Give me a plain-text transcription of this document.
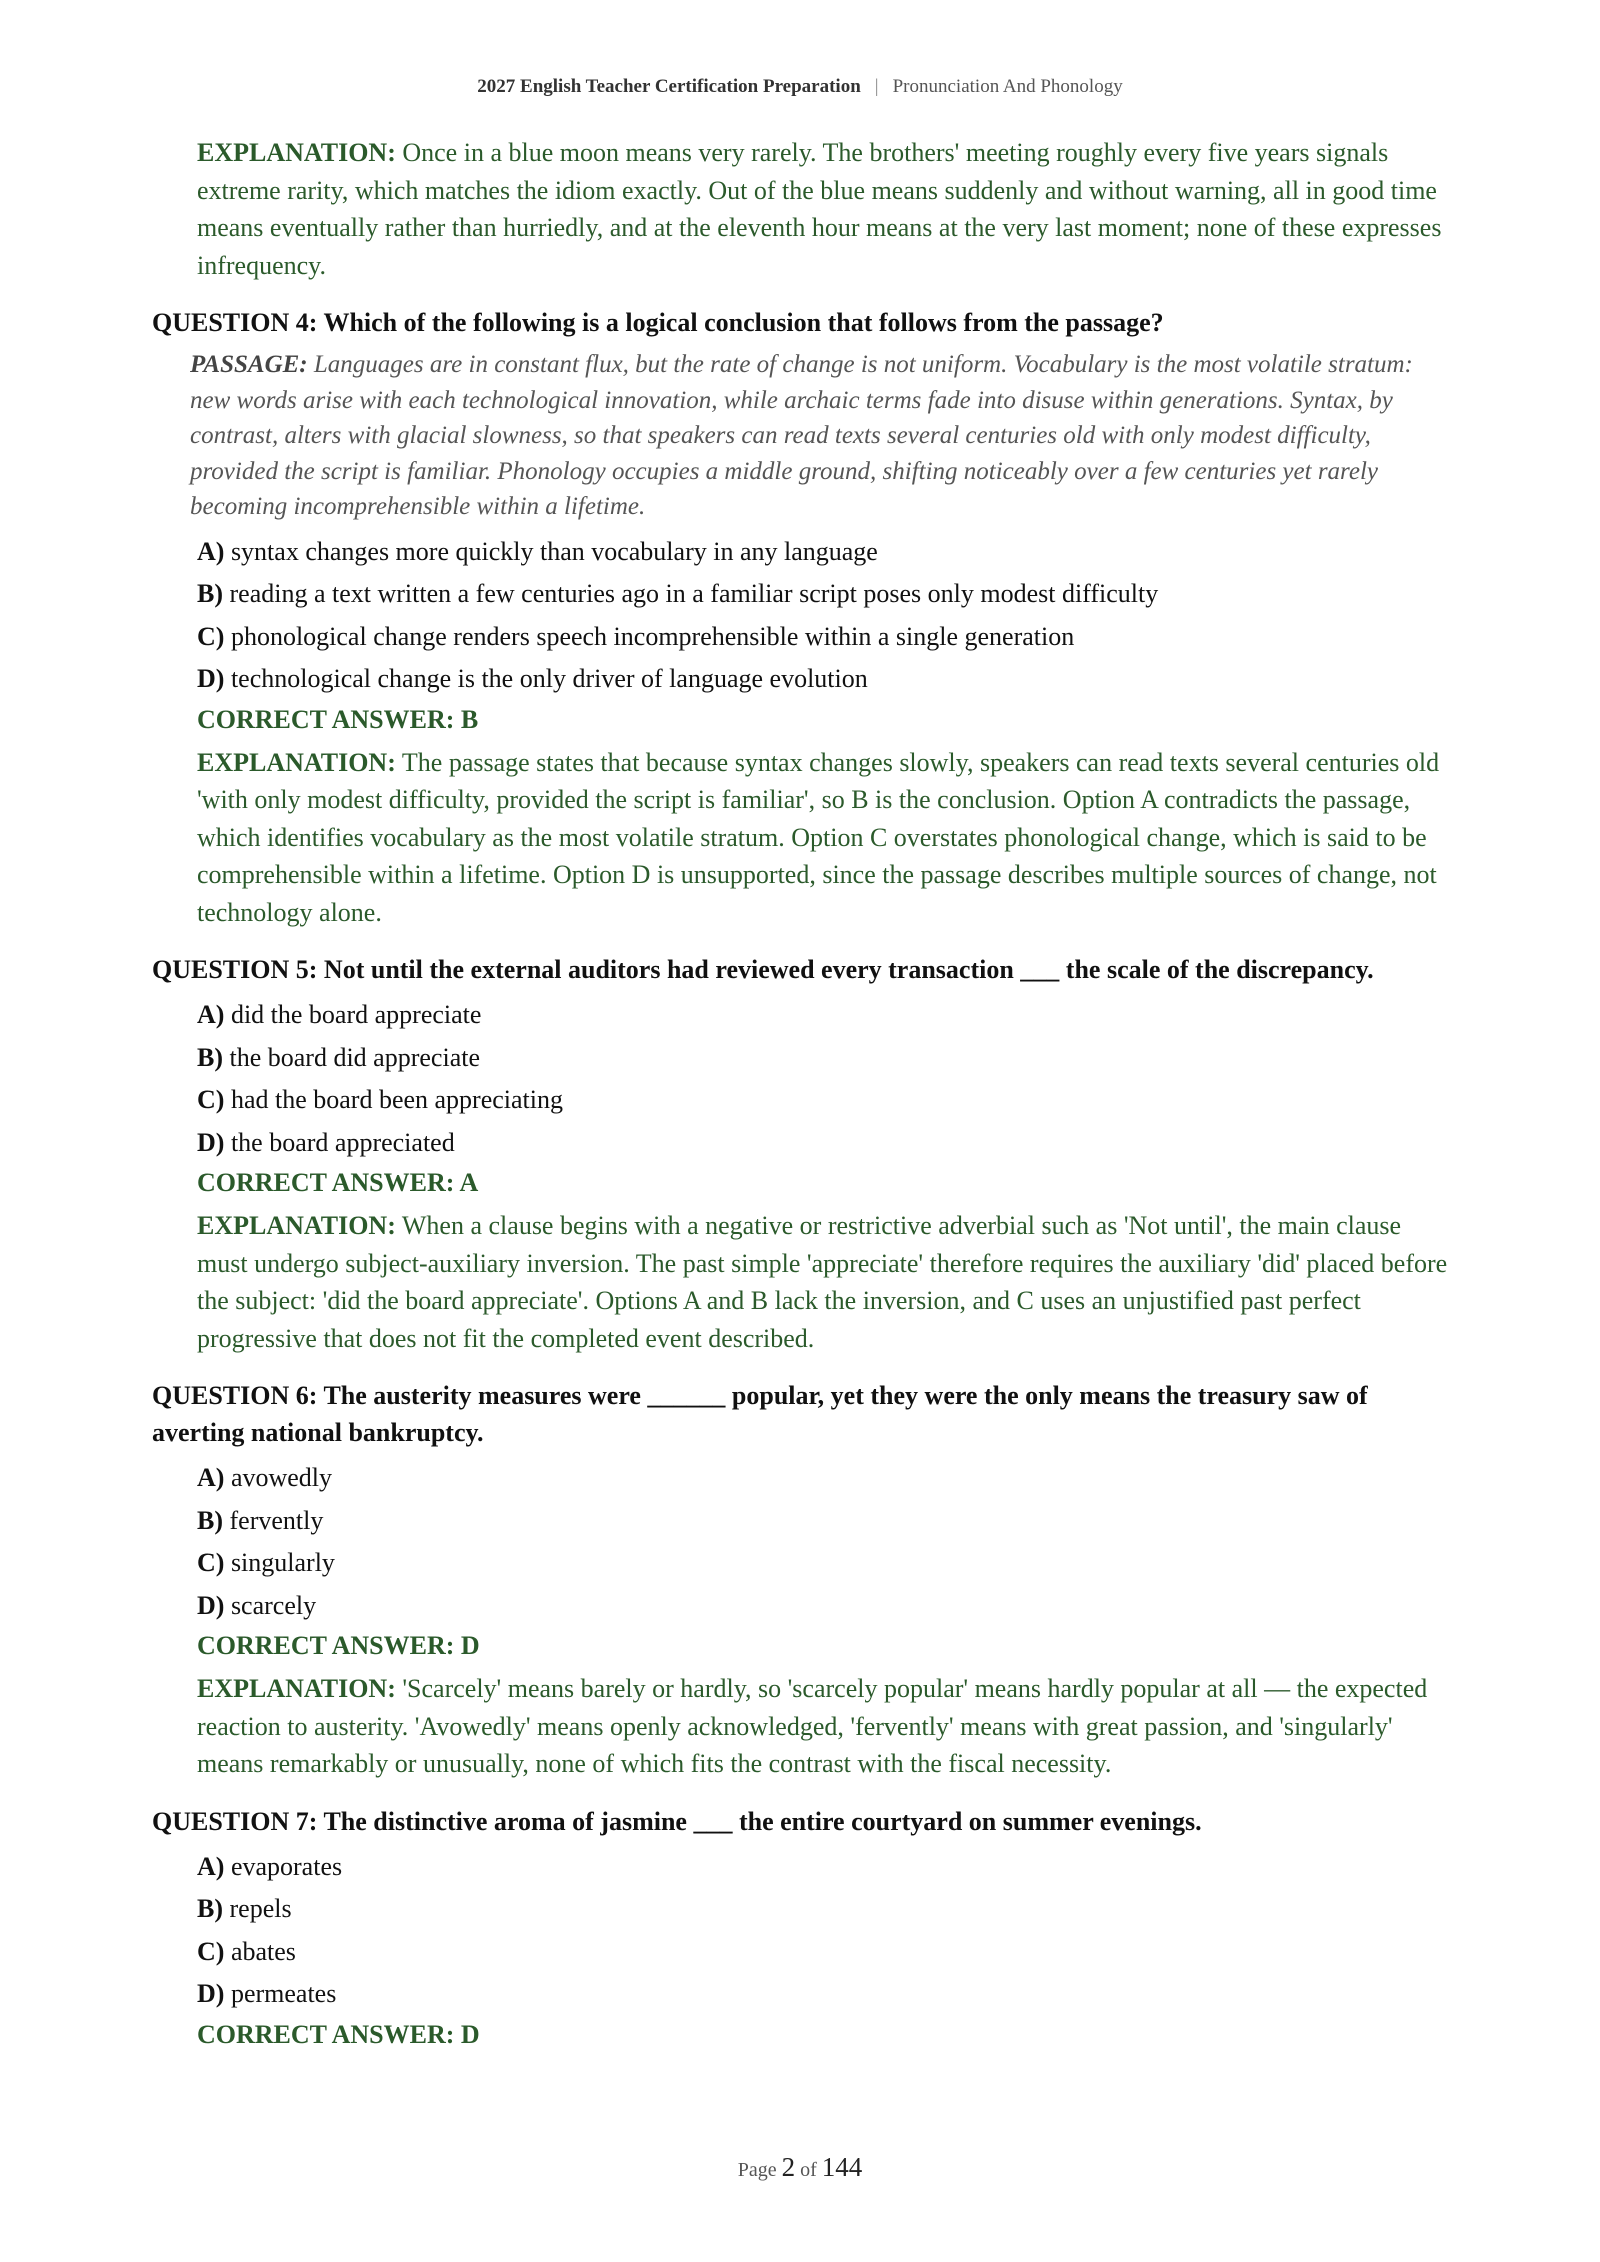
2027 English Teacher Certification Preparation | Pronunciation And Phonology
EXPLANATION: Once in a blue moon means very rarely. The brothers' meeting roughly every five years signals extreme rarity, which matches the idiom exactly. Out of the blue means suddenly and without warning, all in good time means eventually rather than hurriedly, and at the eleventh hour means at the very last moment; none of these expresses infrequency.
QUESTION 4: Which of the following is a logical conclusion that follows from the passage?
PASSAGE: Languages are in constant flux, but the rate of change is not uniform. Vocabulary is the most volatile stratum: new words arise with each technological innovation, while archaic terms fade into disuse within generations. Syntax, by contrast, alters with glacial slowness, so that speakers can read texts several centuries old with only modest difficulty, provided the script is familiar. Phonology occupies a middle ground, shifting noticeably over a few centuries yet rarely becoming incomprehensible within a lifetime.
A) syntax changes more quickly than vocabulary in any language
B) reading a text written a few centuries ago in a familiar script poses only modest difficulty
C) phonological change renders speech incomprehensible within a single generation
D) technological change is the only driver of language evolution
CORRECT ANSWER: B
EXPLANATION: The passage states that because syntax changes slowly, speakers can read texts several centuries old 'with only modest difficulty, provided the script is familiar', so B is the conclusion. Option A contradicts the passage, which identifies vocabulary as the most volatile stratum. Option C overstates phonological change, which is said to be comprehensible within a lifetime. Option D is unsupported, since the passage describes multiple sources of change, not technology alone.
QUESTION 5: Not until the external auditors had reviewed every transaction ___ the scale of the discrepancy.
A) did the board appreciate
B) the board did appreciate
C) had the board been appreciating
D) the board appreciated
CORRECT ANSWER: A
EXPLANATION: When a clause begins with a negative or restrictive adverbial such as 'Not until', the main clause must undergo subject-auxiliary inversion. The past simple 'appreciate' therefore requires the auxiliary 'did' placed before the subject: 'did the board appreciate'. Options A and B lack the inversion, and C uses an unjustified past perfect progressive that does not fit the completed event described.
QUESTION 6: The austerity measures were ______ popular, yet they were the only means the treasury saw of averting national bankruptcy.
A) avowedly
B) fervently
C) singularly
D) scarcely
CORRECT ANSWER: D
EXPLANATION: 'Scarcely' means barely or hardly, so 'scarcely popular' means hardly popular at all — the expected reaction to austerity. 'Avowedly' means openly acknowledged, 'fervently' means with great passion, and 'singularly' means remarkably or unusually, none of which fits the contrast with the fiscal necessity.
QUESTION 7: The distinctive aroma of jasmine ___ the entire courtyard on summer evenings.
A) evaporates
B) repels
C) abates
D) permeates
CORRECT ANSWER: D
Page 2 of 144
